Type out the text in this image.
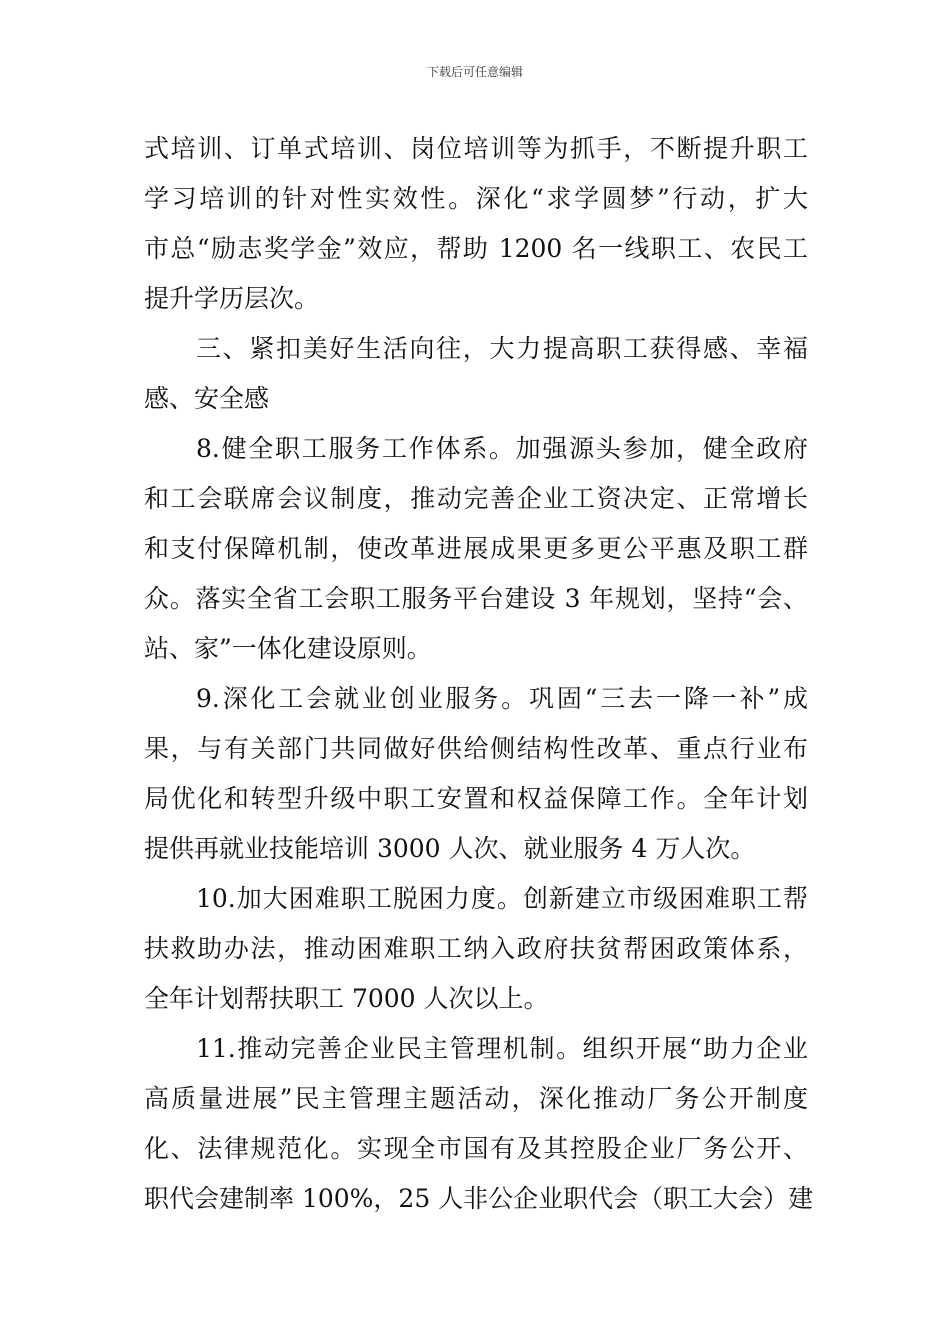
下载后可任意编辑
式培训、订单式培训、岗位培训等为抓手，不断提升职工
学习培训的针对性实效性。深化“求学圆梦”行动，扩大
市总“励志奖学金”效应，帮助 1200 名一线职工、农民工
提升学历层次。
三、紧扣美好生活向往，大力提高职工获得感、幸福
感、安全感
8.健全职工服务工作体系。加强源头参加，健全政府
和工会联席会议制度，推动完善企业工资决定、正常增长
和支付保障机制，使改革进展成果更多更公平惠及职工群
众。落实全省工会职工服务平台建设 3 年规划，坚持“会、
站、家”一体化建设原则。
9.深化工会就业创业服务。巩固“三去一降一补”成
果，与有关部门共同做好供给侧结构性改革、重点行业布
局优化和转型升级中职工安置和权益保障工作。全年计划
提供再就业技能培训 3000 人次、就业服务 4 万人次。
10.加大困难职工脱困力度。创新建立市级困难职工帮
扶救助办法，推动困难职工纳入政府扶贫帮困政策体系，
全年计划帮扶职工 7000 人次以上。
11.推动完善企业民主管理机制。组织开展“助力企业
高质量进展”民主管理主题活动，深化推动厂务公开制度
化、法律规范化。实现全市国有及其控股企业厂务公开、
职代会建制率 100%，25 人非公企业职代会（职工大会）建
